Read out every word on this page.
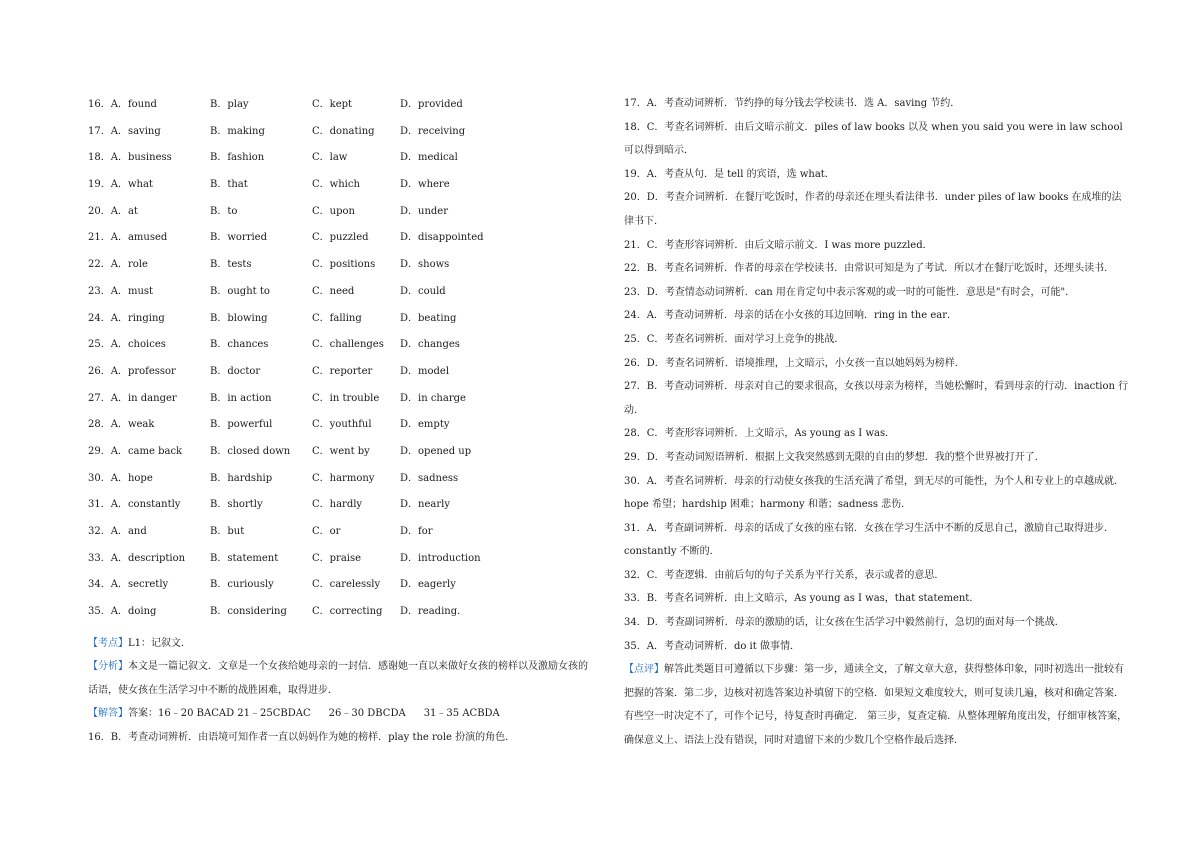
16．A．found	B．play	C．kept	D．provided
17．A．saving	B．making	C．donating	D．receiving
18．A．business	B．fashion	C．law	D．medical
19．A．what	B．that	C．which	D．where
20．A．at	B．to	C．upon	D．under
21．A．amused	B．worried	C．puzzled	D．disappointed
22．A．role	B．tests	C．positions D．shows
23．A．must	B．ought to	C．need	D．could
24．A．ringing	B．blowing	C．falling	D．beating
25．A．choices	B．chances	C．challenges D．changes
26．A．professor	B．doctor	C．reporter	D．model
27．A．in danger	B．in action	C．in trouble D．in charge
28．A．weak	B．powerful	C．youthful	D．empty
29．A．came back	B．closed down C．went by	D．opened up
30．A．hope	B．hardship	C．harmony	D．sadness
31．A．constantly	B．shortly	C．hardly	D．nearly
32．A．and	B．but	C．or	D．for
33．A．description B．statement	C．praise	D．introduction
34．A．secretly	B．curiously	C．carelessly D．eagerly
35．A．doing	B．considering	C．correcting D．reading．

【考点】L1：记叙文．

【分析】本文是一篇记叙文．文章是一个女孩给她母亲的一封信．感谢她一直以来做好女孩的榜样以及激励女孩的话语，使女孩在生活学习中不断的战胜困难，取得进步．

【解答】答案：16﹣20 BACAD 21﹣25CBDAC 26﹣30 DBCDA 31﹣35 ACBDA

16．B．考查动词辨析．由语境可知作者一直以妈妈作为她的榜样．play the role 扮演的角色．

17．A．考查动词辨析．节约挣的每分钱去学校读书．选 A．saving 节约．

18．C．考查名词辨析．由后文暗示前文．piles of law books 以及 when you said you were in law school 可以得到暗示．

19．A．考查从句．是 tell 的宾语，选 what．

20．D．考查介词辨析．在餐厅吃饭时，作者的母亲还在埋头看法律书．under piles of law books 在成堆的法律书下．

21．C．考查形容词辨析．由后文暗示前文．I was more puzzled．

22．B．考查名词辨析．作者的母亲在学校读书．由常识可知是为了考试．所以才在餐厅吃饭时，还埋头读书．

23．D．考查情态动词辨析．can 用在肯定句中表示客观的或一时的可能性．意思是"有时会，可能"．

24．A．考查动词辨析．母亲的话在小女孩的耳边回响．ring in the ear．

25．C．考查名词辨析．面对学习上竞争的挑战．

26．D．考查名词辨析．语境推理，上文暗示，小女孩一直以她妈妈为榜样．

27．B．考查动词辨析．母亲对自己的要求很高，女孩以母亲为榜样，当她松懈时，看到母亲的行动．inaction 行动．

28．C．考查形容词辨析．上文暗示，As young as I was．

29．D．考查动词短语辨析．根据上文我突然感到无限的自由的梦想．我的整个世界被打开了．

30．A．考查名词辨析．母亲的行动使女孩我的生活充满了希望，到无尽的可能性，为个人和专业上的卓越成就．hope 希望；hardship 困难；harmony 和谐；sadness 悲伤．

31．A．考查副词辨析．母亲的话成了女孩的座右铭．女孩在学习生活中不断的反思自己，激励自己取得进步．constantly 不断的．

32．C．考查逻辑．由前后句的句子关系为平行关系，表示或者的意思．

33．B．考查名词辨析．由上文暗示，As young as I was，that statement．

34．D．考查副词辨析．母亲的激励的话，让女孩在生活学习中毅然前行，急切的面对每一个挑战．

35．A．考查动词辨析．do it 做事情．

【点评】解答此类题目可遵循以下步骤：第一步，通读全文，了解文章大意，获得整体印象，同时初选出一批较有把握的答案．第二步，边核对初选答案边补填留下的空格．如果短文难度较大，则可复读几遍，核对和确定答案．有些空一时决定不了，可作个记号，待复查时再确定． 第三步，复查定稿．从整体理解角度出发，仔细审核答案，确保意义上、语法上没有错误，同时对遗留下来的少数几个空格作最后选择．
